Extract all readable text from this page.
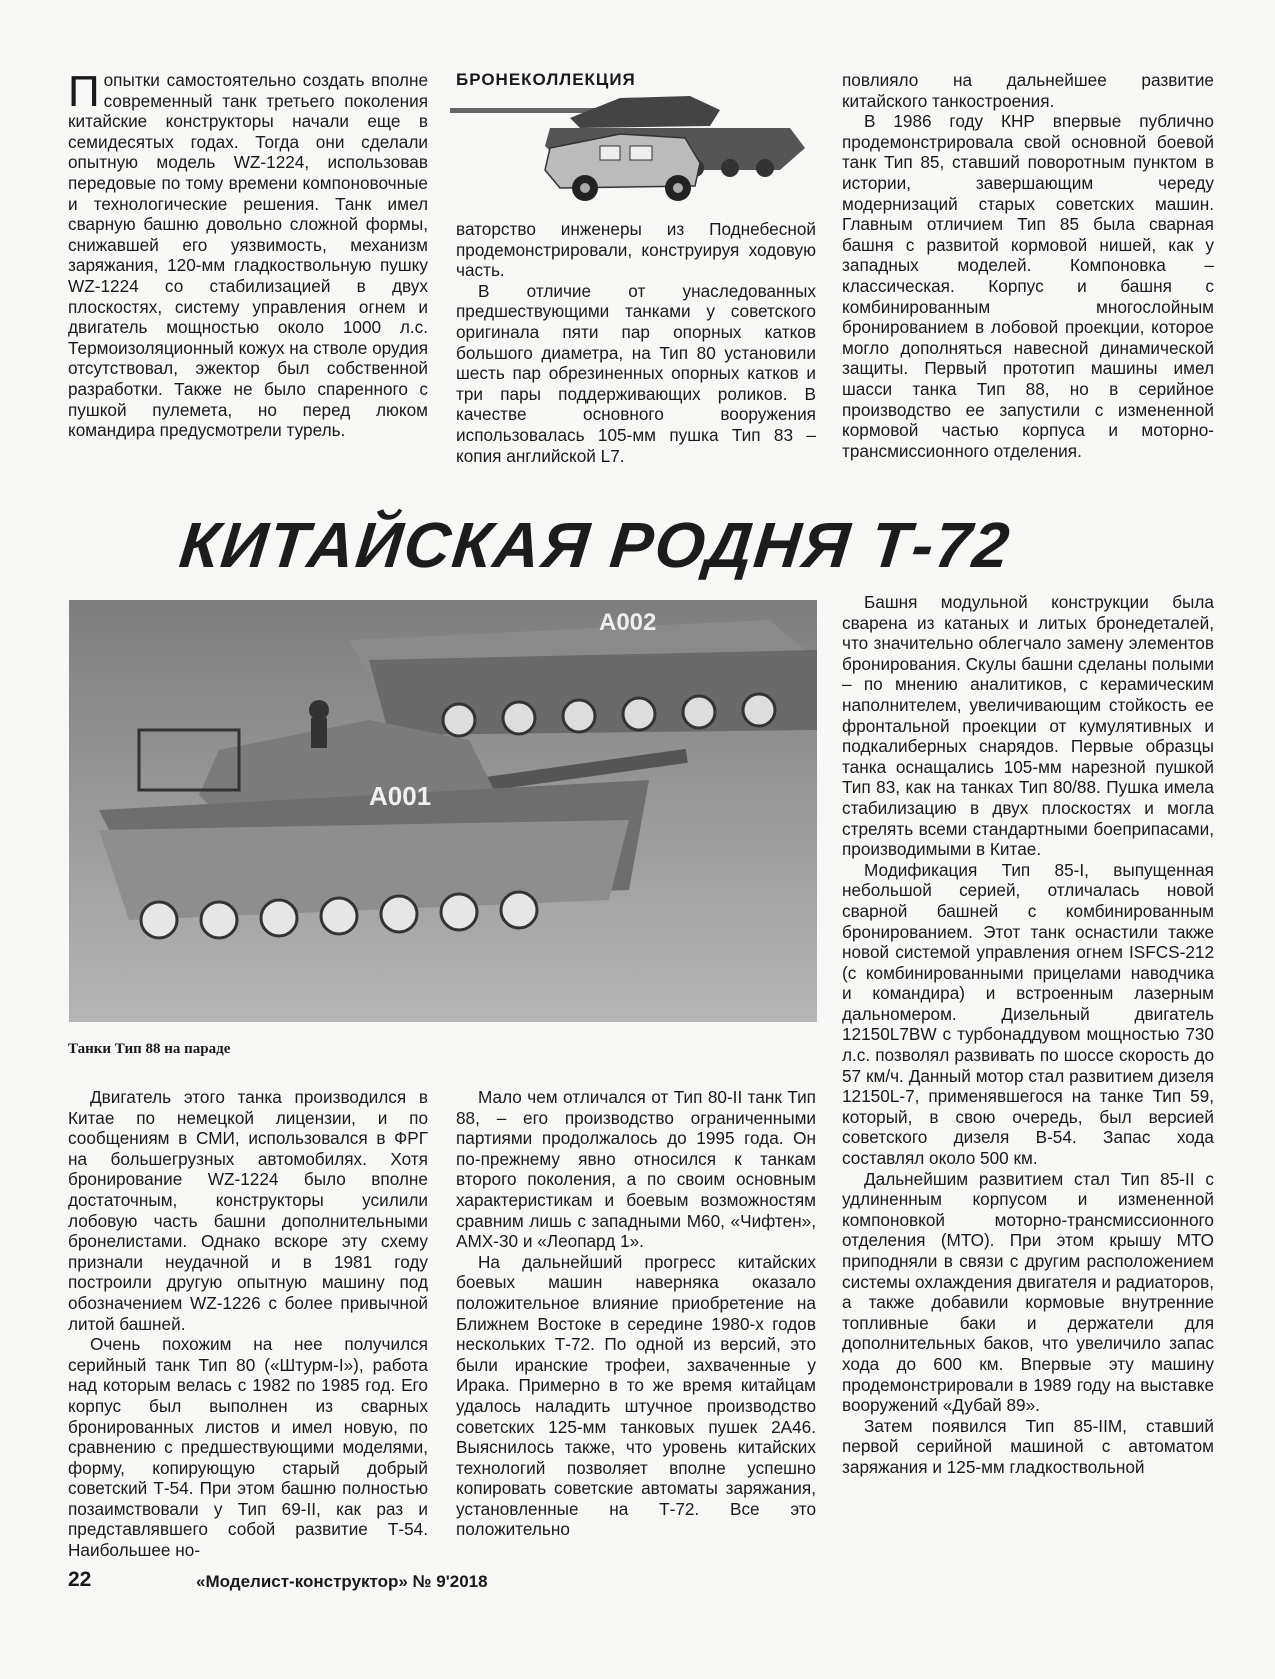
БРОНЕКОЛЛЕКЦИЯ

Попытки самостоятельно создать вполне современный танк третьего поколения китайские конструкторы начали еще в семидесятых годах. Тогда они сделали опытную модель WZ-1224, использовав передовые по тому времени компоновочные и технологические решения. Танк имел сварную башню довольно сложной формы, снижавшей его уязвимость, механизм заряжания, 120-мм гладкоствольную пушку WZ-1224 со стабилизацией в двух плоскостях, систему управления огнем и двигатель мощностью около 1000 л.с. Термоизоляционный кожух на стволе орудия отсутствовал, эжектор был собственной разработки. Также не было спаренного с пушкой пулемета, но перед люком командира предусмотрели турель.

ваторство инженеры из Поднебесной продемонстрировали, конструируя ходовую часть.

В отличие от унаследованных предшествующими танками у советского оригинала пяти пар опорных катков большого диаметра, на Тип 80 установили шесть пар обрезиненных опорных катков и три пары поддерживающих роликов. В качестве основного вооружения использовалась 105-мм пушка Тип 83 – копия английской L7.

повлияло на дальнейшее развитие китайского танкостроения.

В 1986 году КНР впервые публично продемонстрировала свой основной боевой танк Тип 85, ставший поворотным пунктом в истории, завершающим череду модернизаций старых советских машин. Главным отличием Тип 85 была сварная башня с развитой кормовой нишей, как у западных моделей. Компоновка – классическая. Корпус и башня с комбинированным многослойным бронированием в лобовой проекции, которое могло дополняться навесной динамической защиты. Первый прототип машины имел шасси танка Тип 88, но в серийное производство ее запустили с измененной кормовой частью корпуса и моторно-трансмиссионного отделения.

КИТАЙСКАЯ РОДНЯ Т-72
A002
A001
Танки Тип 88 на параде

Двигатель этого танка производился в Китае по немецкой лицензии, и по сообщениям в СМИ, использовался в ФРГ на большегрузных автомобилях. Хотя бронирование WZ-1224 было вполне достаточным, конструкторы усилили лобовую часть башни дополнительными бронелистами. Однако вскоре эту схему признали неудачной и в 1981 году построили другую опытную машину под обозначением WZ-1226 с более привычной литой башней.

Очень похожим на нее получился серийный танк Тип 80 («Штурм-I»), работа над которым велась с 1982 по 1985 год. Его корпус был выполнен из сварных бронированных листов и имел новую, по сравнению с предшествующими моделями, форму, копирующую старый добрый советский Т-54. При этом башню полностью позаимствовали у Тип 69-II, как раз и представлявшего собой развитие Т-54. Наибольшее но-

Мало чем отличался от Тип 80-II танк Тип 88, – его производство ограниченными партиями продолжалось до 1995 года. Он по-прежнему явно относился к танкам второго поколения, а по своим основным характеристикам и боевым возможностям сравним лишь с западными М60, «Чифтен», АМХ-30 и «Леопард 1».

На дальнейший прогресс китайских боевых машин наверняка оказало положительное влияние приобретение на Ближнем Востоке в середине 1980-х годов нескольких Т-72. По одной из версий, это были иранские трофеи, захваченные у Ирака. Примерно в то же время китайцам удалось наладить штучное производство советских 125-мм танковых пушек 2А46. Выяснилось также, что уровень китайских технологий позволяет вполне успешно копировать советские автоматы заряжания, установленные на Т-72. Все это положительно

Башня модульной конструкции была сварена из катаных и литых бронедеталей, что значительно облегчало замену элементов бронирования. Скулы башни сделаны полыми – по мнению аналитиков, с керамическим наполнителем, увеличивающим стойкость ее фронтальной проекции от кумулятивных и подкалиберных снарядов. Первые образцы танка оснащались 105-мм нарезной пушкой Тип 83, как на танках Тип 80/88. Пушка имела стабилизацию в двух плоскостях и могла стрелять всеми стандартными боеприпасами, производимыми в Китае.

Модификация Тип 85-I, выпущенная небольшой серией, отличалась новой сварной башней с комбинированным бронированием. Этот танк оснастили также новой системой управления огнем ISFCS-212 (с комбинированными прицелами наводчика и командира) и встроенным лазерным дальномером. Дизельный двигатель 12150L7BW с турбонаддувом мощностью 730 л.с. позволял развивать по шоссе скорость до 57 км/ч. Данный мотор стал развитием дизеля 12150L-7, применявшегося на танке Тип 59, который, в свою очередь, был версией советского дизеля В-54. Запас хода составлял около 500 км.

Дальнейшим развитием стал Тип 85-II с удлиненным корпусом и измененной компоновкой моторно-трансмиссионного отделения (МТО). При этом крышу МТО приподняли в связи с другим расположением системы охлаждения двигателя и радиаторов, а также добавили кормовые внутренние топливные баки и держатели для дополнительных баков, что увеличило запас хода до 600 км. Впервые эту машину продемонстрировали в 1989 году на выставке вооружений «Дубай 89».

Затем появился Тип 85-IIМ, ставший первой серийной машиной с автоматом заряжания и 125-мм гладкоствольной

22	«Моделист-конструктор» № 9'2018
